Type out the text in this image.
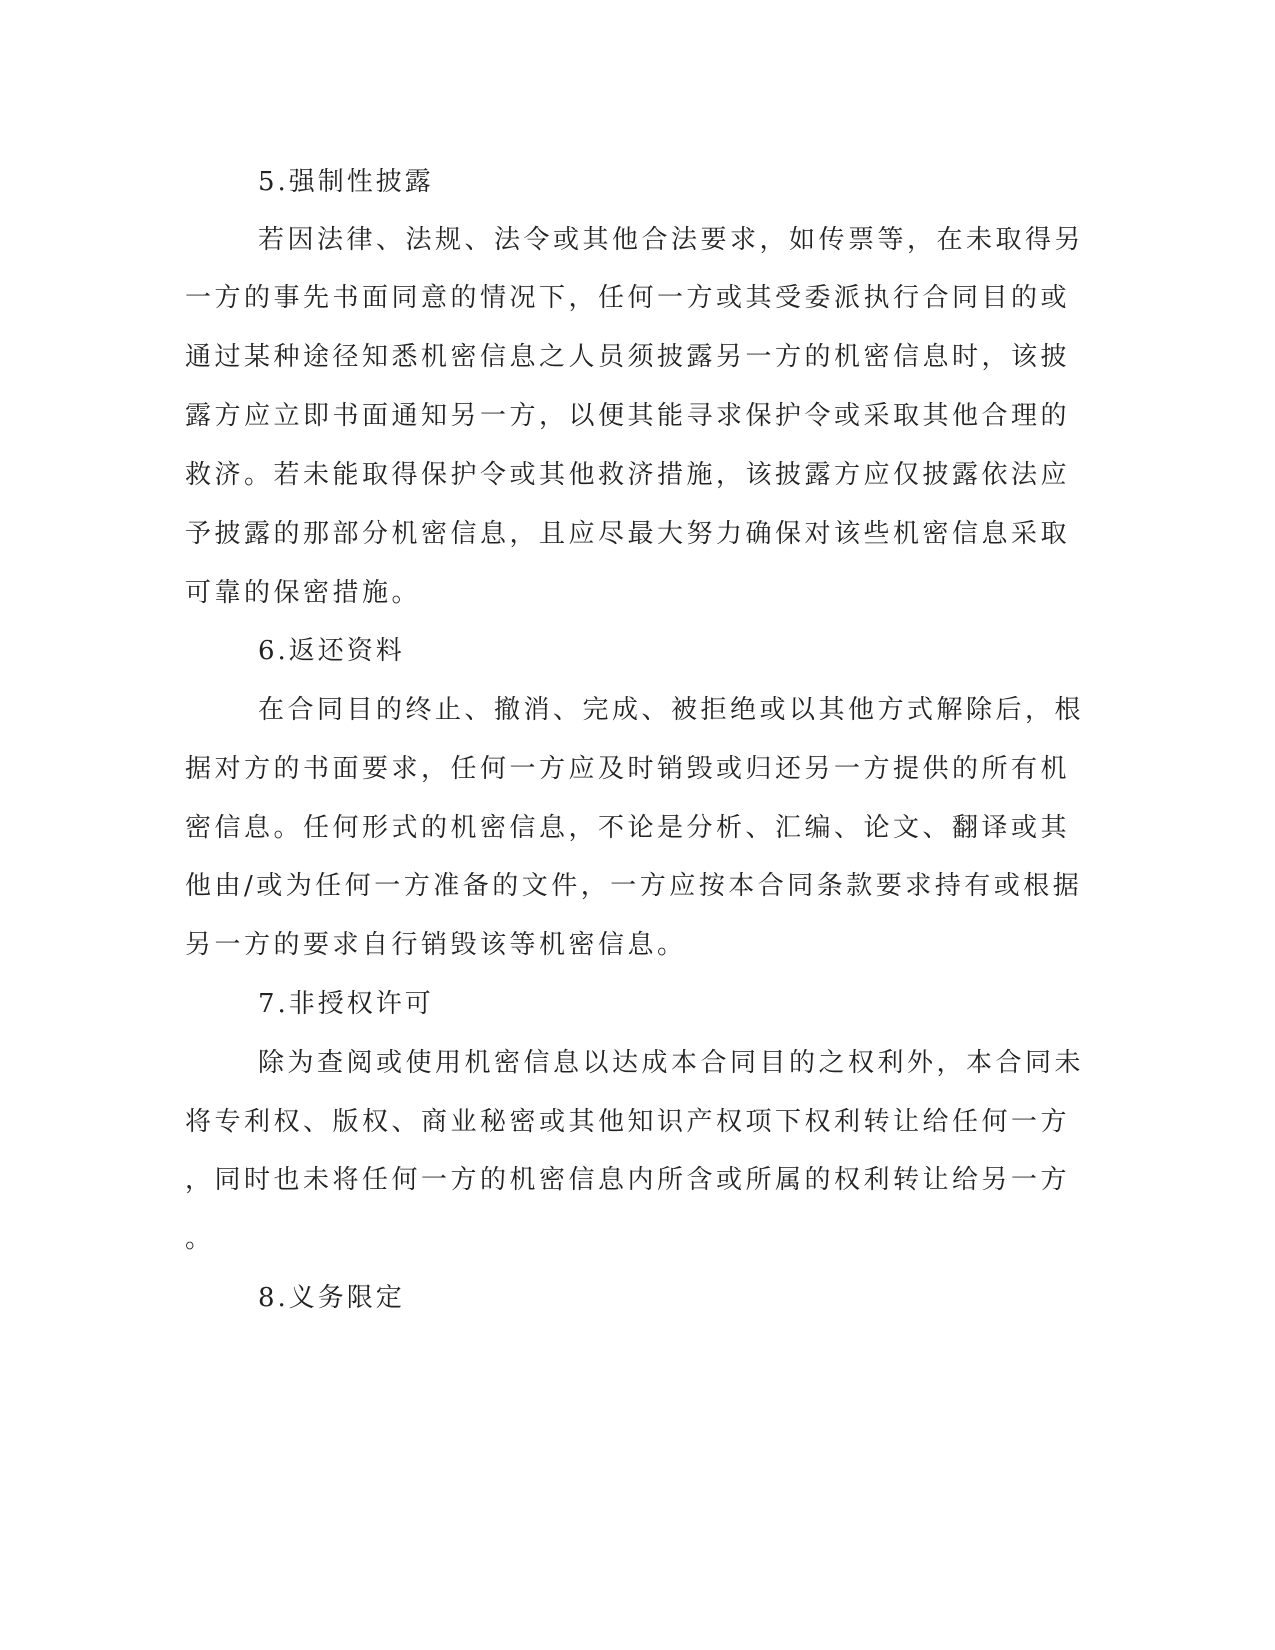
5.强制性披露

若因法律、法规、法令或其他合法要求，如传票等，在未取得另

一方的事先书面同意的情况下，任何一方或其受委派执行合同目的或

通过某种途径知悉机密信息之人员须披露另一方的机密信息时，该披

露方应立即书面通知另一方，以便其能寻求保护令或采取其他合理的

救济。若未能取得保护令或其他救济措施，该披露方应仅披露依法应

予披露的那部分机密信息，且应尽最大努力确保对该些机密信息采取

可靠的保密措施。

6.返还资料

在合同目的终止、撤消、完成、被拒绝或以其他方式解除后，根

据对方的书面要求，任何一方应及时销毁或归还另一方提供的所有机

密信息。任何形式的机密信息，不论是分析、汇编、论文、翻译或其

他由/或为任何一方准备的文件，一方应按本合同条款要求持有或根据

另一方的要求自行销毁该等机密信息。

7.非授权许可

除为查阅或使用机密信息以达成本合同目的之权利外，本合同未

将专利权、版权、商业秘密或其他知识产权项下权利转让给任何一方

，同时也未将任何一方的机密信息内所含或所属的权利转让给另一方

。

8.义务限定
